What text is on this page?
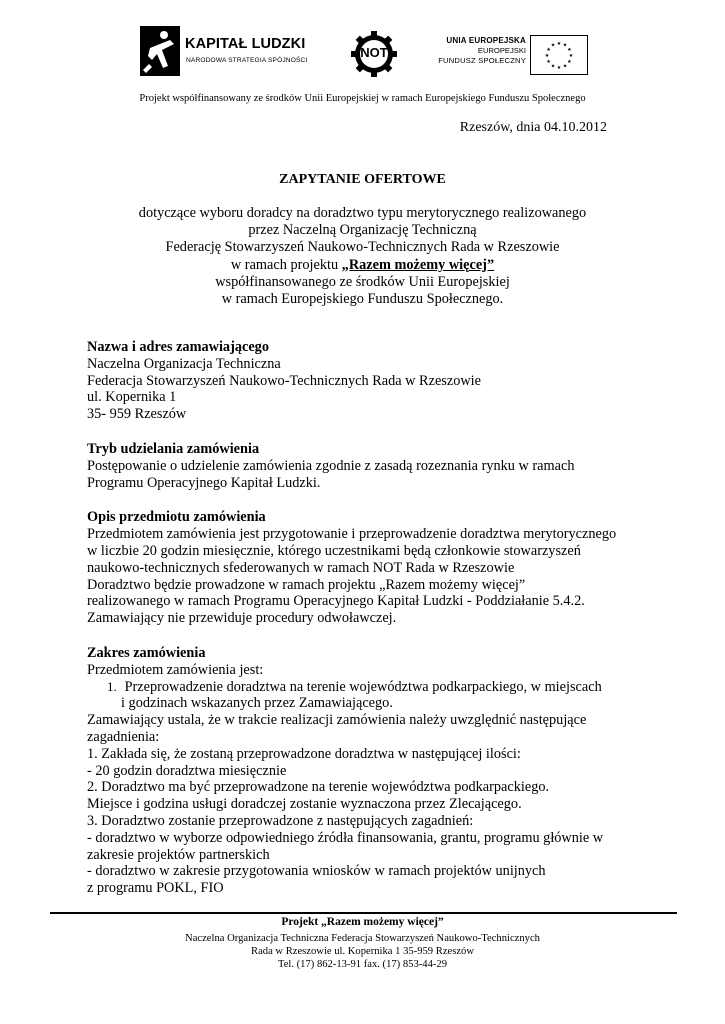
KAPITAŁ LUDZKI
NARODOWA STRATEGIA SPÓJNOŚCI
NOT
UNIA EUROPEJSKA
EUROPEJSKI
FUNDUSZ SPOŁECZNY
★ ★
★
★
★
★
★
★
★
★
★
★
Projekt współfinansowany ze środków Unii Europejskiej w ramach Europejskiego Funduszu Społecznego
Rzeszów, dnia 04.10.2012
ZAPYTANIE OFERTOWE
dotyczące wyboru doradcy na doradztwo typu merytorycznego realizowanego
przez Naczelną Organizację Techniczną
Federację Stowarzyszeń Naukowo-Technicznych Rada w Rzeszowie
w ramach projektu „Razem możemy więcej”
współfinansowanego ze środków Unii Europejskiej
w ramach Europejskiego Funduszu Społecznego.

Nazwa i adres zamawiającego

Naczelna Organizacja Techniczna

Federacja Stowarzyszeń Naukowo-Technicznych Rada w Rzeszowie

ul. Kopernika 1

35- 959 Rzeszów

Tryb udzielania zamówienia

Postępowanie o udzielenie zamówienia zgodnie z zasadą rozeznania rynku w ramach

Programu Operacyjnego Kapitał Ludzki.

Opis przedmiotu zamówienia

Przedmiotem zamówienia jest przygotowanie i przeprowadzenie doradztwa merytorycznego

w liczbie 20 godzin miesięcznie, którego uczestnikami będą członkowie stowarzyszeń

naukowo-technicznych sfederowanych w ramach NOT Rada w Rzeszowie

Doradztwo będzie prowadzone w ramach projektu „Razem możemy więcej”

realizowanego w ramach Programu Operacyjnego Kapitał Ludzki - Poddziałanie 5.4.2.

Zamawiający nie przewiduje procedury odwoławczej.

Zakres zamówienia

Przedmiotem zamówienia jest:

1. Przeprowadzenie doradztwa na terenie województwa podkarpackiego, w miejscach

i godzinach wskazanych przez Zamawiającego.

Zamawiający ustala, że w trakcie realizacji zamówienia należy uwzględnić następujące

zagadnienia:

1. Zakłada się, że zostaną przeprowadzone doradztwa w następującej ilości:

- 20 godzin doradztwa miesięcznie

2. Doradztwo ma być przeprowadzone na terenie województwa podkarpackiego.

Miejsce i godzina usługi doradczej zostanie wyznaczona przez Zlecającego.

3. Doradztwo zostanie przeprowadzone z następujących zagadnień:

- doradztwo w wyborze odpowiedniego źródła finansowania, grantu, programu głównie w

zakresie projektów partnerskich

- doradztwo w zakresie przygotowania wniosków w ramach projektów unijnych

z programu POKL, FIO

Projekt „Razem możemy więcej”
Naczelna Organizacja Techniczna Federacja Stowarzyszeń Naukowo-Technicznych
Rada w Rzeszowie ul. Kopernika 1 35-959 Rzeszów
Tel. (17) 862-13-91 fax. (17) 853-44-29
